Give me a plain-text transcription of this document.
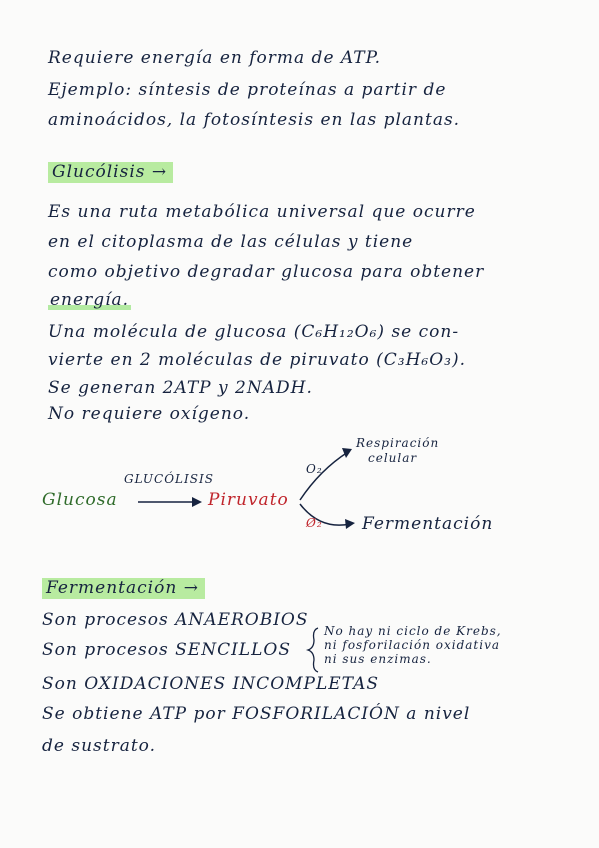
Requiere energía en forma de ATP.
Ejemplo: síntesis de proteínas a partir de
aminoácidos, la fotosíntesis en las plantas.
Glucólisis →
Es una ruta metabólica universal que ocurre
en el citoplasma de las células y tiene
como objetivo degradar glucosa para obtener
energía.
Una molécula de glucosa (C₆H₁₂O₆) se con-
vierte en 2 moléculas de piruvato (C₃H₆O₃).
Se generan 2ATP y 2NADH.
No requiere oxígeno.
Glucosa
GLUCÓLISIS
Piruvato
O₂
Ø₂
Respiración
celular
Fermentación
Fermentación →
Son procesos ANAEROBIOS
Son procesos SENCILLOS
No hay ni ciclo de Krebs,
ni fosforilación oxidativa
ni sus enzimas.
Son OXIDACIONES INCOMPLETAS
Se obtiene ATP por FOSFORILACIÓN a nivel
de sustrato.
